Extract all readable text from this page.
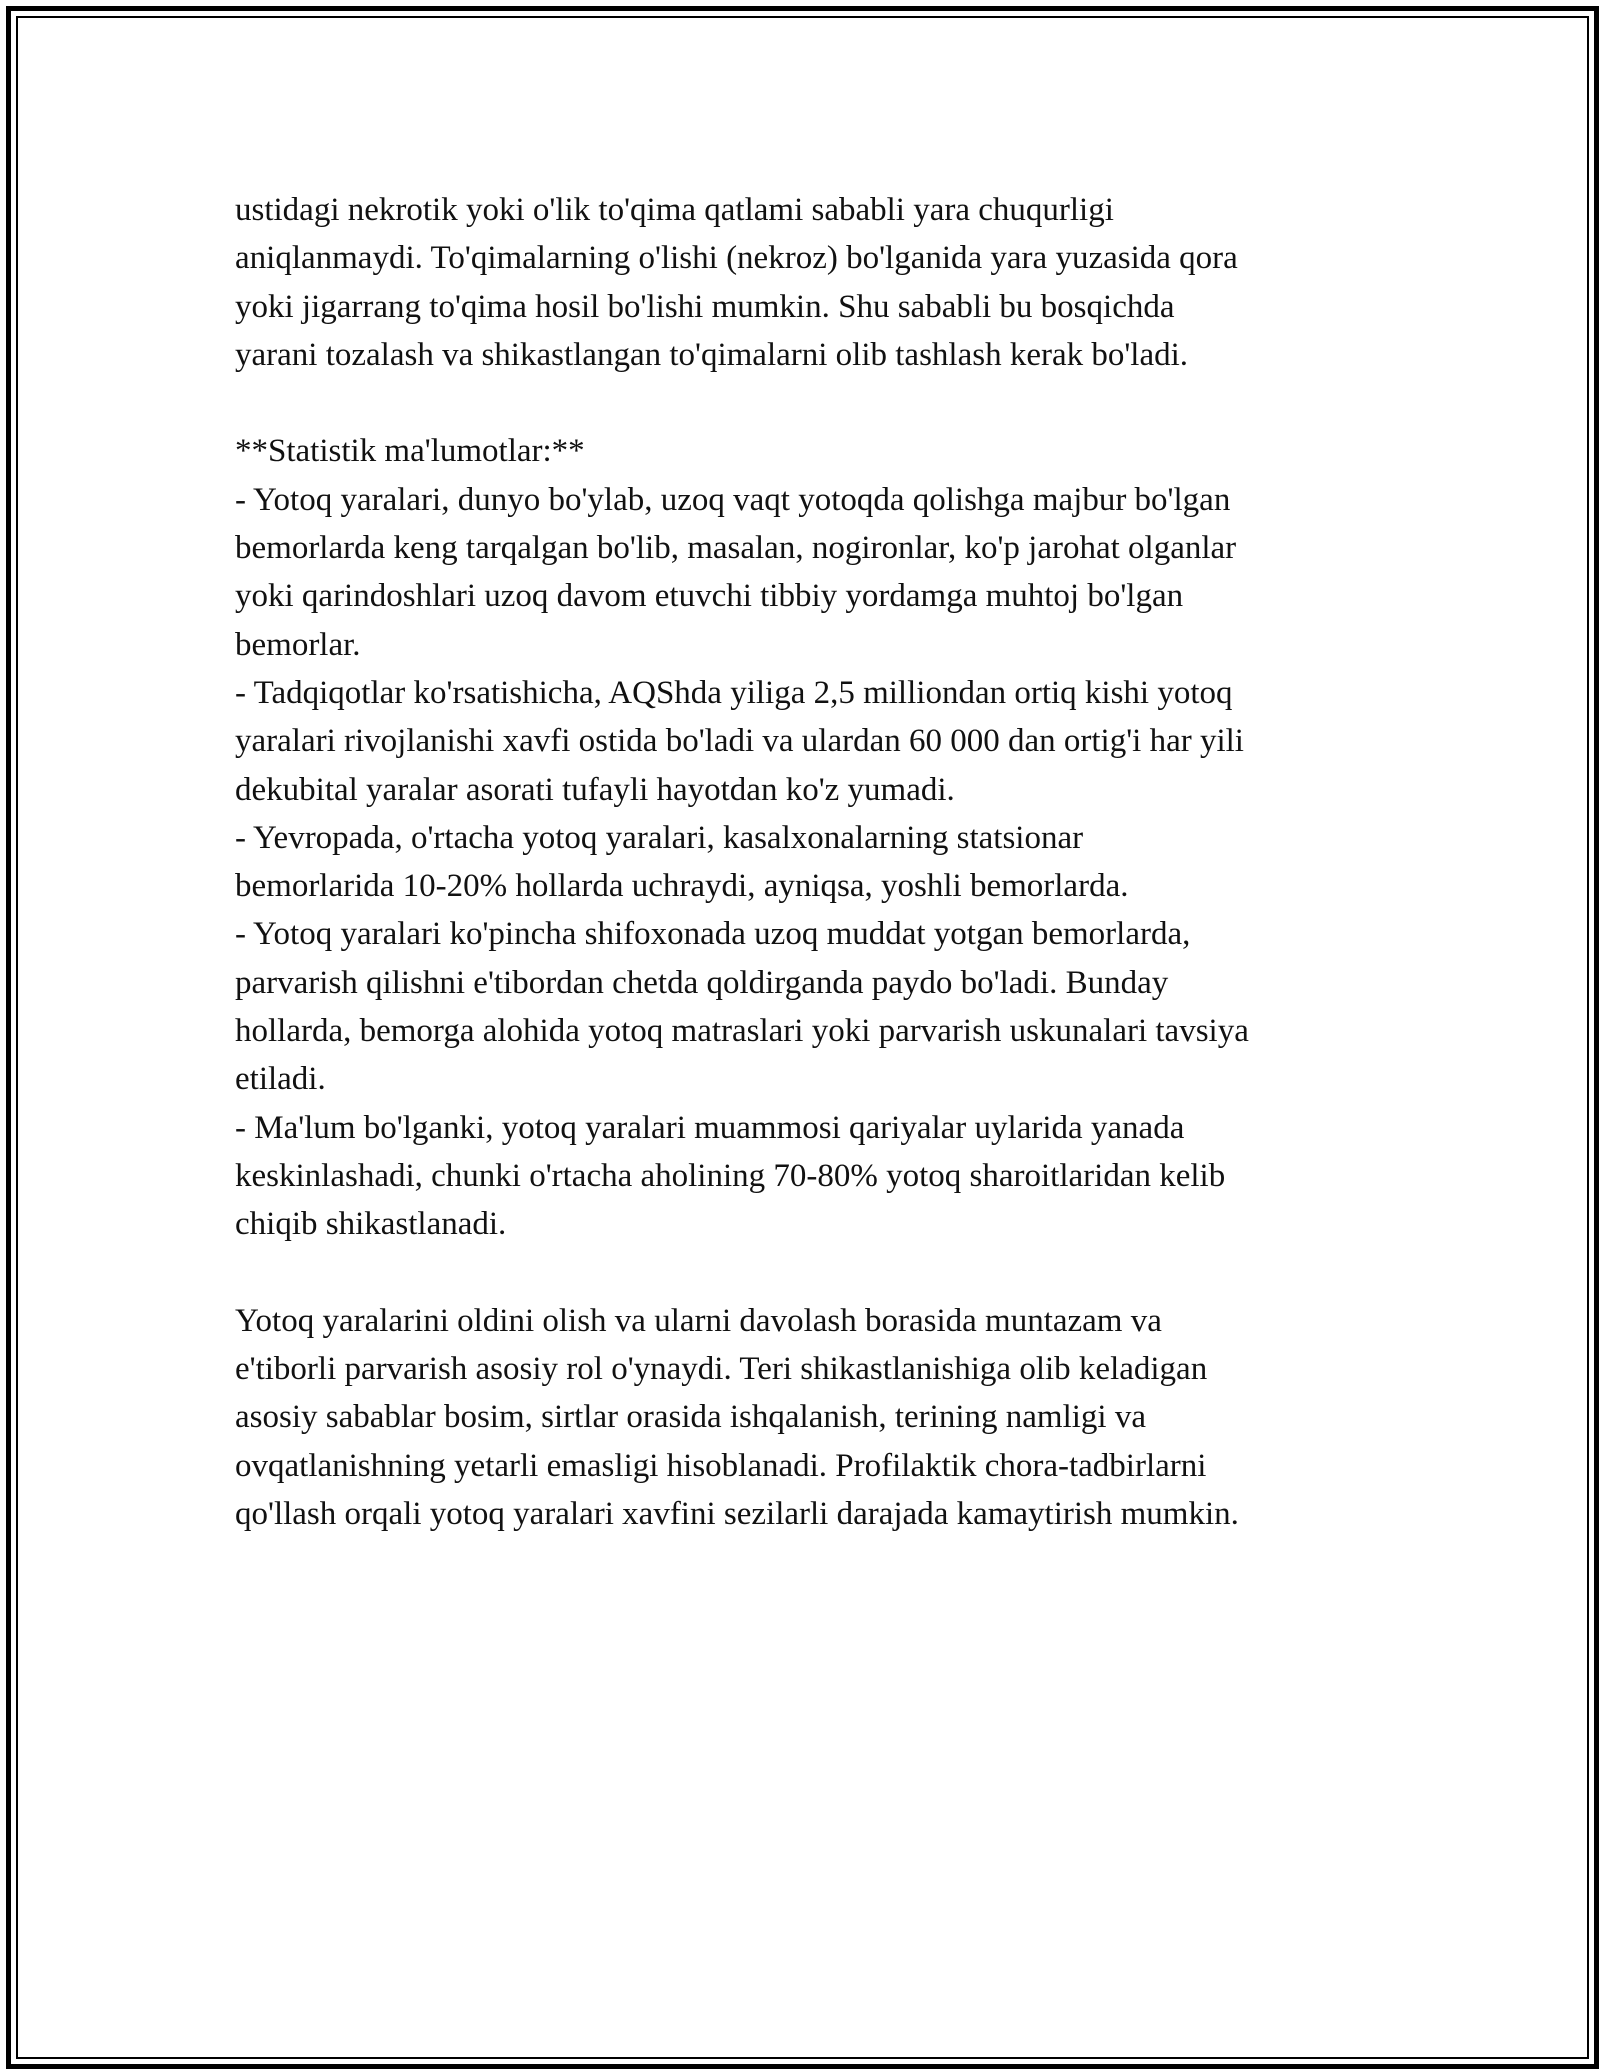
ustidagi nekrotik yoki o'lik to'qima qatlami sababli yara chuqurligi
aniqlanmaydi. To'qimalarning o'lishi (nekroz) bo'lganida yara yuzasida qora
yoki jigarrang to'qima hosil bo'lishi mumkin. Shu sababli bu bosqichda
yarani tozalash va shikastlangan to'qimalarni olib tashlash kerak bo'ladi.
**Statistik ma'lumotlar:**
- Yotoq yaralari, dunyo bo'ylab, uzoq vaqt yotoqda qolishga majbur bo'lgan
bemorlarda keng tarqalgan bo'lib, masalan, nogironlar, ko'p jarohat olganlar
yoki qarindoshlari uzoq davom etuvchi tibbiy yordamga muhtoj bo'lgan
bemorlar.
- Tadqiqotlar ko'rsatishicha, AQShda yiliga 2,5 milliondan ortiq kishi yotoq
yaralari rivojlanishi xavfi ostida bo'ladi va ulardan 60 000 dan ortig'i har yili
dekubital yaralar asorati tufayli hayotdan ko'z yumadi.
- Yevropada, o'rtacha yotoq yaralari, kasalxonalarning statsionar
bemorlarida 10-20% hollarda uchraydi, ayniqsa, yoshli bemorlarda.
- Yotoq yaralari ko'pincha shifoxonada uzoq muddat yotgan bemorlarda,
parvarish qilishni e'tibordan chetda qoldirganda paydo bo'ladi. Bunday
hollarda, bemorga alohida yotoq matraslari yoki parvarish uskunalari tavsiya
etiladi.
- Ma'lum bo'lganki, yotoq yaralari muammosi qariyalar uylarida yanada
keskinlashadi, chunki o'rtacha aholining 70-80% yotoq sharoitlaridan kelib
chiqib shikastlanadi.
Yotoq yaralarini oldini olish va ularni davolash borasida muntazam va
e'tiborli parvarish asosiy rol o'ynaydi. Teri shikastlanishiga olib keladigan
asosiy sabablar bosim, sirtlar orasida ishqalanish, terining namligi va
ovqatlanishning yetarli emasligi hisoblanadi. Profilaktik chora-tadbirlarni
qo'llash orqali yotoq yaralari xavfini sezilarli darajada kamaytirish mumkin.
